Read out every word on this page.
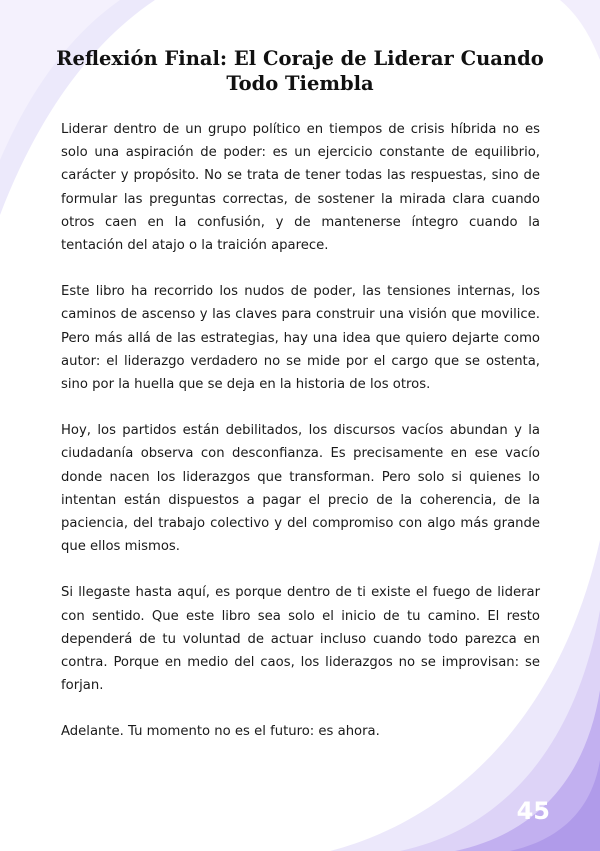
Reflexión Final: El Coraje de Liderar Cuando Todo Tiembla

Liderar dentro de un grupo político en tiempos de crisis híbrida no es solo una aspiración de poder: es un ejercicio constante de equilibrio, carácter y propósito. No se trata de tener todas las respuestas, sino de formular las preguntas correctas, de sostener la mirada clara cuando otros caen en la confusión, y de mantenerse íntegro cuando la tentación del atajo o la traición aparece.

Este libro ha recorrido los nudos de poder, las tensiones internas, los caminos de ascenso y las claves para construir una visión que movilice. Pero más allá de las estrategias, hay una idea que quiero dejarte como autor: el liderazgo verdadero no se mide por el cargo que se ostenta, sino por la huella que se deja en la historia de los otros.

Hoy, los partidos están debilitados, los discursos vacíos abundan y la ciudadanía observa con desconfianza. Es precisamente en ese vacío donde nacen los liderazgos que transforman. Pero solo si quienes lo intentan están dispuestos a pagar el precio de la coherencia, de la paciencia, del trabajo colectivo y del compromiso con algo más grande que ellos mismos.

Si llegaste hasta aquí, es porque dentro de ti existe el fuego de liderar con sentido. Que este libro sea solo el inicio de tu camino. El resto dependerá de tu voluntad de actuar incluso cuando todo parezca en contra. Porque en medio del caos, los liderazgos no se improvisan: se forjan.

Adelante. Tu momento no es el futuro: es ahora.

45
